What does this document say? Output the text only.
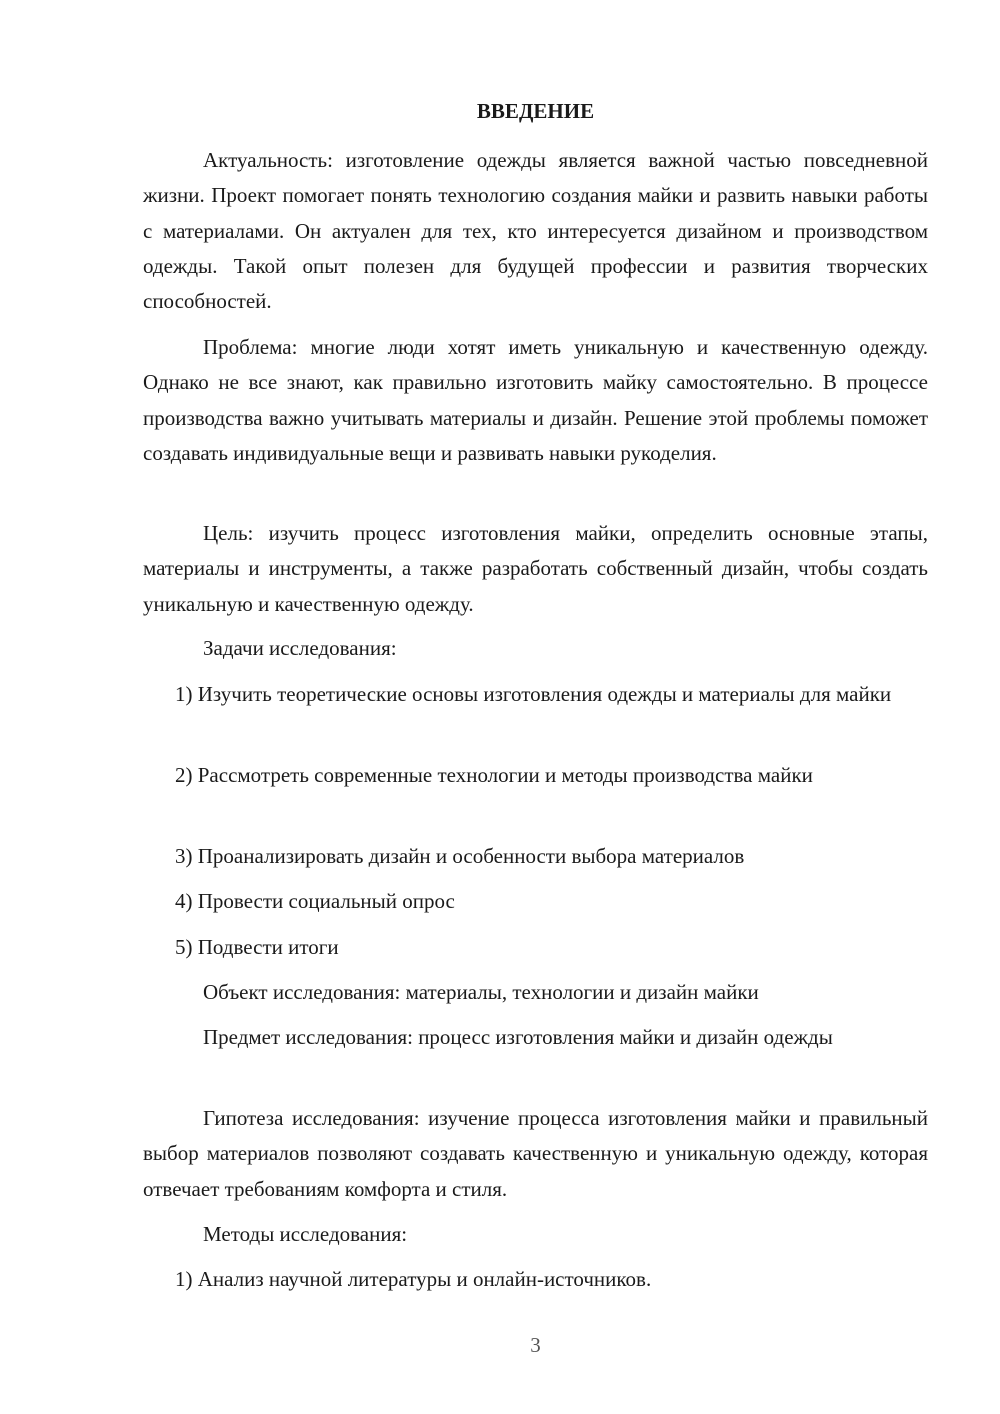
ВВЕДЕНИЕ

Актуальность: изготовление одежды является важной частью повседневной жизни. Проект помогает понять технологию создания майки и развить навыки работы с материалами. Он актуален для тех, кто интересуется дизайном и производством одежды. Такой опыт полезен для будущей профессии и развития творческих способностей.

Проблема: многие люди хотят иметь уникальную и качественную одежду. Однако не все знают, как правильно изготовить майку самостоятельно. В процессе производства важно учитывать материалы и дизайн. Решение этой проблемы поможет создавать индивидуальные вещи и развивать навыки рукоделия.

Цель: изучить процесс изготовления майки, определить основные этапы, материалы и инструменты, а также разработать собственный дизайн, чтобы создать уникальную и качественную одежду.

Задачи исследования:

1) Изучить теоретические основы изготовления одежды и материалы для майки

2) Рассмотреть современные технологии и методы производства майки

3) Проанализировать дизайн и особенности выбора материалов

4) Провести социальный опрос

5) Подвести итоги

Объект исследования: материалы, технологии и дизайн майки

Предмет исследования: процесс изготовления майки и дизайн одежды

Гипотеза исследования: изучение процесса изготовления майки и правильный выбор материалов позволяют создавать качественную и уникальную одежду, которая отвечает требованиям комфорта и стиля.

Методы исследования:

1) Анализ научной литературы и онлайн-источников.

3
